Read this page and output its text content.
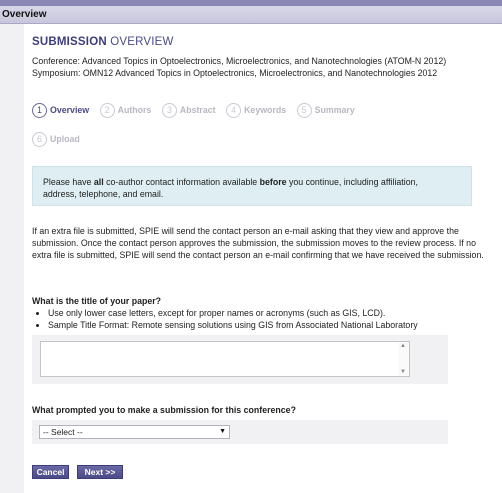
Overview
SUBMISSION OVERVIEW
Conference: Advanced Topics in Optoelectronics, Microelectronics, and Nanotechnologies (ATOM-N 2012)
Symposium: OMN12 Advanced Topics in Optoelectronics, Microelectronics, and Nanotechnologies 2012
1 Overview 2 Authors 3 Abstract 4 Keywords 5 Summary
6 Upload
Please have all co-author contact information available before you continue, including affiliation,
address, telephone, and email.
If an extra file is submitted, SPIE will send the contact person an e-mail asking that they view and approve the submission. Once the contact person approves the submission, the submission moves to the review process. If no extra file is submitted, SPIE will send the contact person an e-mail confirming that we have received the submission.
What is the title of your paper?
• Use only lower case letters, except for proper names or acronyms (such as GIS, LCD).
• Sample Title Format: Remote sensing solutions using GIS from Associated National Laboratory
▲
▼
What prompted you to make a submission for this conference?
-- Select --	▼
Cancel	Next >>
